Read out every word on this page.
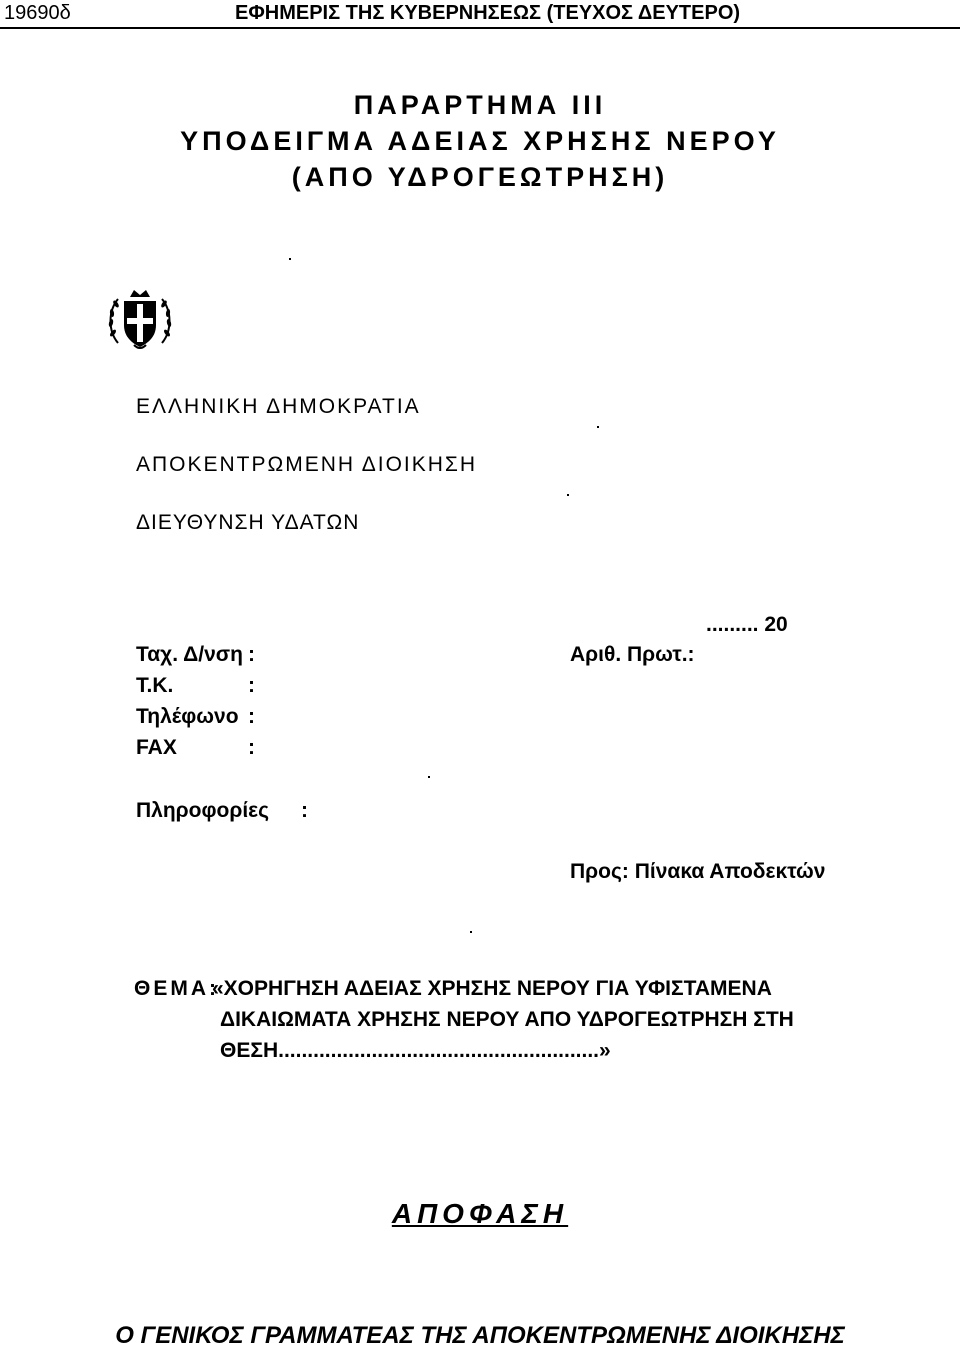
19690δ	ΕΦΗΜΕΡΙΣ ΤΗΣ ΚΥΒΕΡΝΗΣΕΩΣ (ΤΕΥΧΟΣ ΔΕΥΤΕΡΟ)
ΠΑΡΑΡΤΗΜΑ ΙΙΙ
ΥΠΟΔΕΙΓΜΑ ΑΔΕΙΑΣ ΧΡΗΣΗΣ ΝΕΡΟΥ
(ΑΠΟ ΥΔΡΟΓΕΩΤΡΗΣΗ)
ΕΛΛΗΝΙΚΗ ΔΗΜΟΚΡΑΤΙΑ
ΑΠΟΚΕΝΤΡΩΜΕΝΗ ΔΙΟΙΚΗΣΗ
ΔΙΕΥΘΥΝΣΗ ΥΔΑΤΩΝ
......... 20
Ταχ. Δ/νση :	Αριθ. Πρωτ.:
Τ.Κ.	:
Τηλέφωνο :
FAX	:
Πληροφορίες :
Προς: Πίνακα Αποδεκτών
ΘΕΜΑ:
«ΧΟΡΗΓΗΣΗ ΑΔΕΙΑΣ ΧΡΗΣΗΣ ΝΕΡΟΥ ΓΙΑ ΥΦΙΣΤΑΜΕΝΑ
ΔΙΚΑΙΩΜΑΤΑ ΧΡΗΣΗΣ ΝΕΡΟΥ ΑΠΟ ΥΔΡΟΓΕΩΤΡΗΣΗ ΣΤΗ
ΘΕΣΗ.......................................................»
ΑΠΟΦΑΣΗ
Ο ΓΕΝΙΚΟΣ ΓΡΑΜΜΑΤΕΑΣ ΤΗΣ ΑΠΟΚΕΝΤΡΩΜΕΝΗΣ ΔΙΟΙΚΗΣΗΣ
